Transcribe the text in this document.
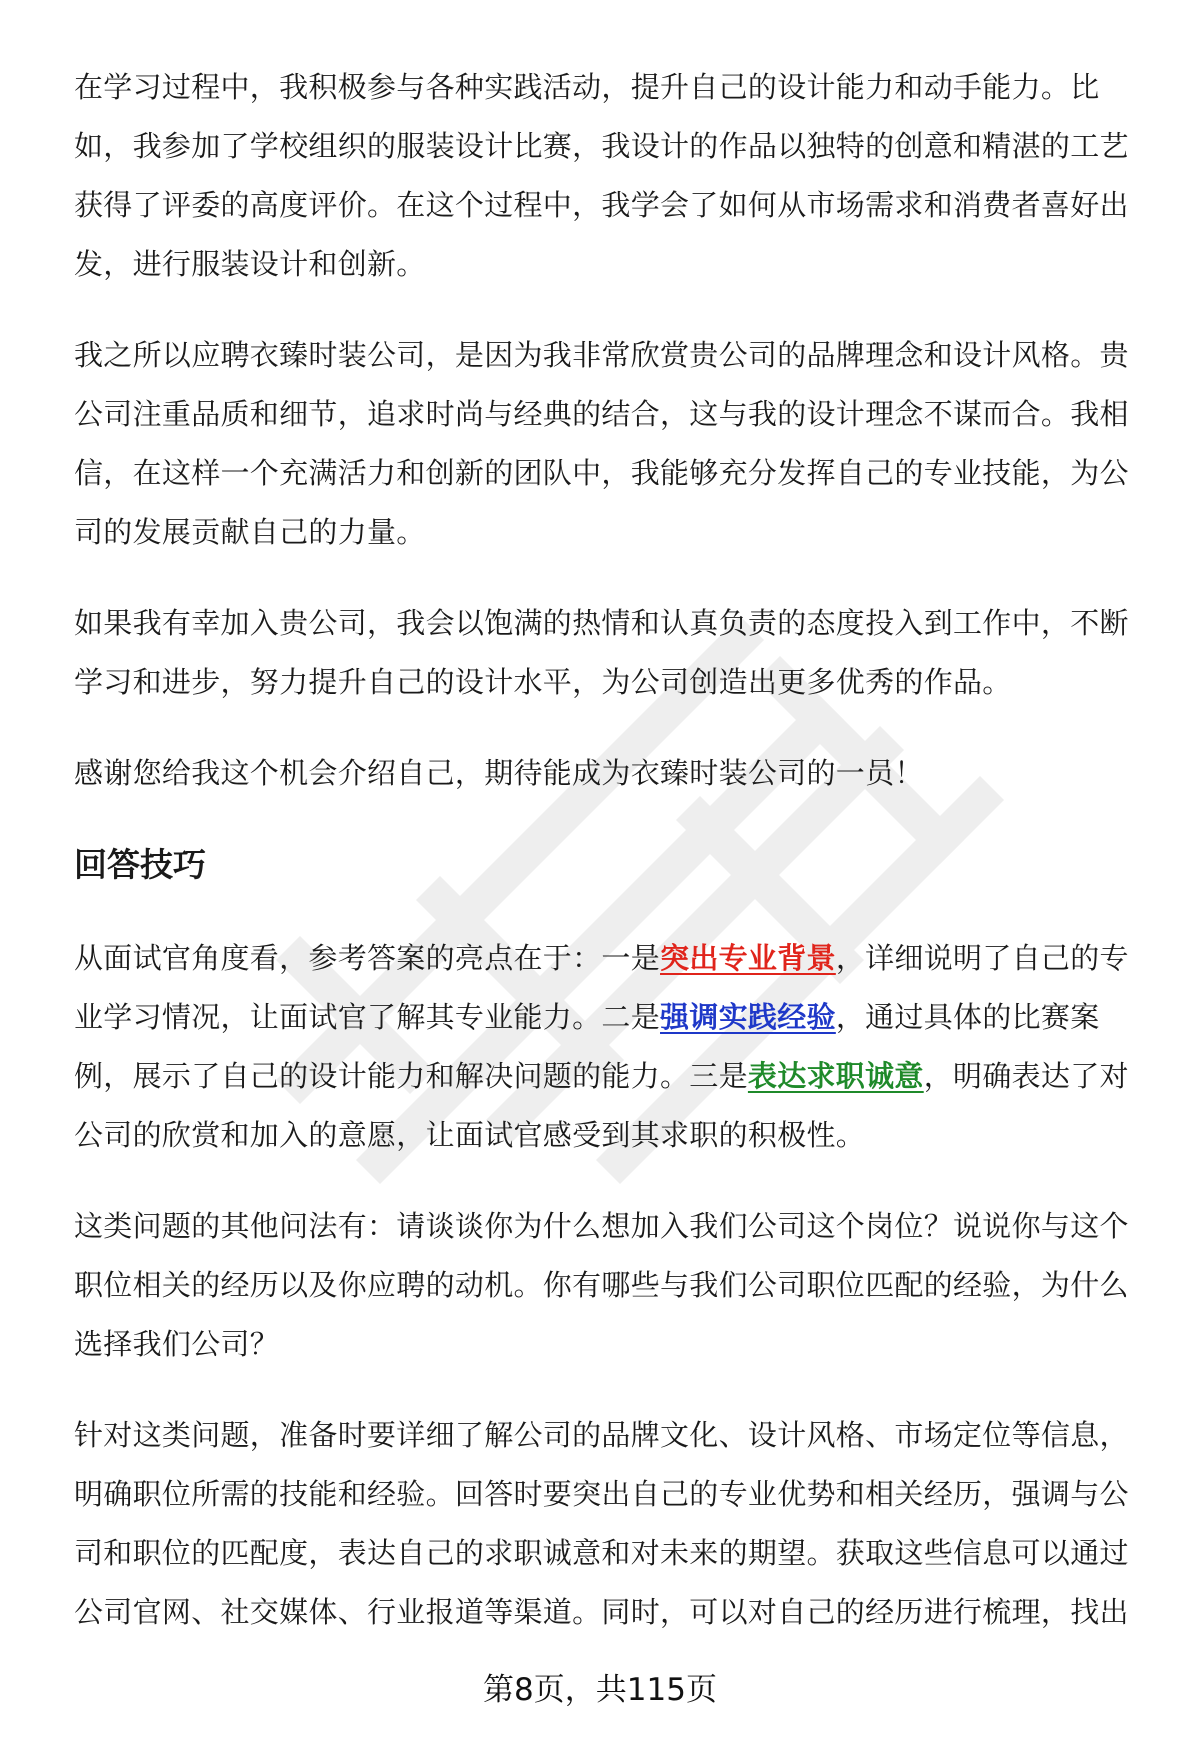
在学习过程中，我积极参与各种实践活动，提升自己的设计能力和动手能力。比如，我参加了学校组织的服装设计比赛，我设计的作品以独特的创意和精湛的工艺获得了评委的高度评价。在这个过程中，我学会了如何从市场需求和消费者喜好出发，进行服装设计和创新。

我之所以应聘衣臻时装公司，是因为我非常欣赏贵公司的品牌理念和设计风格。贵公司注重品质和细节，追求时尚与经典的结合，这与我的设计理念不谋而合。我相信，在这样一个充满活力和创新的团队中，我能够充分发挥自己的专业技能，为公司的发展贡献自己的力量。

如果我有幸加入贵公司，我会以饱满的热情和认真负责的态度投入到工作中，不断学习和进步，努力提升自己的设计水平，为公司创造出更多优秀的作品。

感谢您给我这个机会介绍自己，期待能成为衣臻时装公司的一员！

回答技巧

从面试官角度看，参考答案的亮点在于：一是突出专业背景，详细说明了自己的专业学习情况，让面试官了解其专业能力。二是强调实践经验，通过具体的比赛案例，展示了自己的设计能力和解决问题的能力。三是表达求职诚意，明确表达了对公司的欣赏和加入的意愿，让面试官感受到其求职的积极性。

这类问题的其他问法有：请谈谈你为什么想加入我们公司这个岗位？说说你与这个职位相关的经历以及你应聘的动机。你有哪些与我们公司职位匹配的经验，为什么选择我们公司？

针对这类问题，准备时要详细了解公司的品牌文化、设计风格、市场定位等信息，明确职位所需的技能和经验。回答时要突出自己的专业优势和相关经历，强调与公司和职位的匹配度，表达自己的求职诚意和对未来的期望。获取这些信息可以通过公司官网、社交媒体、行业报道等渠道。同时，可以对自己的经历进行梳理，找出

第8页，共115页
